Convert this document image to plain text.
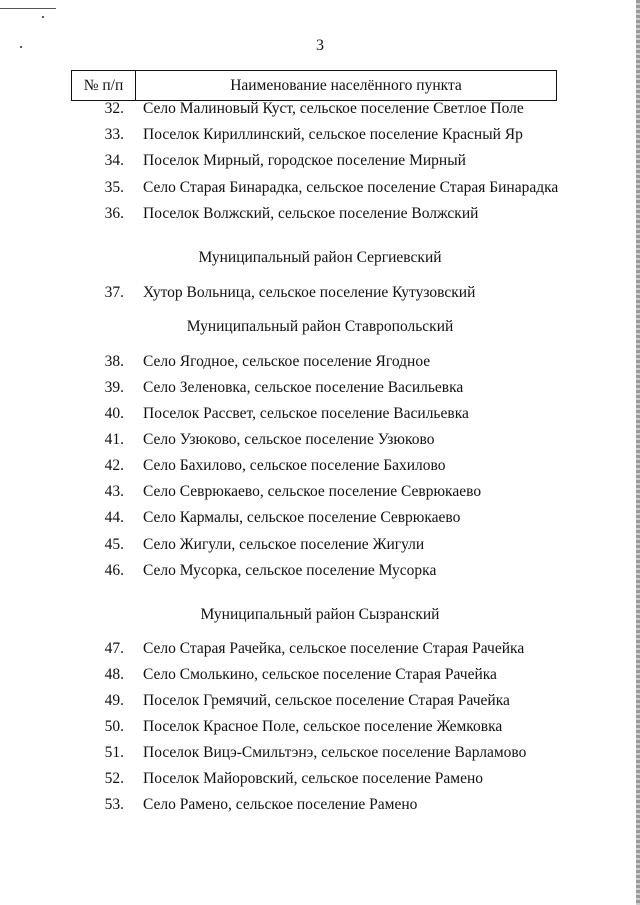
3
№ п/п	Наименование населённого пункта
32. Село Малиновый Куст, сельское поселение Светлое Поле
33. Поселок Кириллинский, сельское поселение Красный Яр
34. Поселок Мирный, городское поселение Мирный
35. Село Старая Бинарадка, сельское поселение Старая Бинарадка
36. Поселок Волжский, сельское поселение Волжский
Муниципальный район Сергиевский
37. Хутор Вольница, сельское поселение Кутузовский
Муниципальный район Ставропольский
38. Село Ягодное, сельское поселение Ягодное
39. Село Зеленовка, сельское поселение Васильевка
40. Поселок Рассвет, сельское поселение Васильевка
41. Село Узюково, сельское поселение Узюково
42. Село Бахилово, сельское поселение Бахилово
43. Село Севрюкаево, сельское поселение Севрюкаево
44. Село Кармалы, сельское поселение Севрюкаево
45. Село Жигули, сельское поселение Жигули
46. Село Мусорка, сельское поселение Мусорка
Муниципальный район Сызранский
47. Село Старая Рачейка, сельское поселение Старая Рачейка
48. Село Смолькино, сельское поселение Старая Рачейка
49. Поселок Гремячий, сельское поселение Старая Рачейка
50. Поселок Красное Поле, сельское поселение Жемковка
51. Поселок Вицэ-Смильтэнэ, сельское поселение Варламово
52. Поселок Майоровский, сельское поселение Рамено
53. Село Рамено, сельское поселение Рамено
